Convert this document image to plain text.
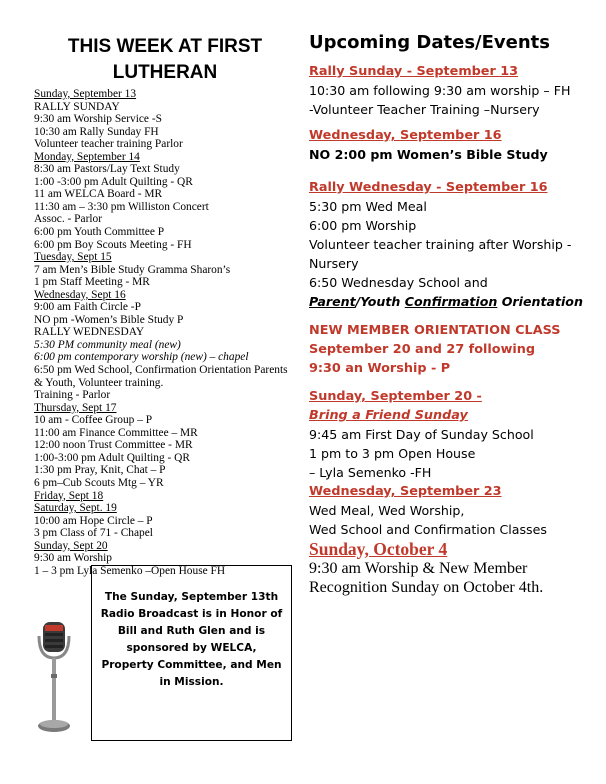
THIS WEEK AT FIRST
LUTHERAN
Sunday, September 13
RALLY SUNDAY
9:30 am Worship Service -S
10:30 am Rally Sunday FH
Volunteer teacher training Parlor
Monday, September 14
8:30 am Pastors/Lay Text Study
1:00 -3:00 pm Adult Quilting - QR
11 am WELCA Board - MR
11:30 am – 3:30 pm Williston Concert
Assoc. - Parlor
6:00 pm Youth Committee P
6:00 pm Boy Scouts Meeting - FH
Tuesday, Sept 15
7 am Men’s Bible Study Gramma Sharon’s
1 pm Staff Meeting - MR
Wednesday, Sept 16
9:00 am Faith Circle -P
NO pm -Women’s Bible Study P
RALLY WEDNESDAY
5:30 PM community meal (new)
6:00 pm contemporary worship (new) – chapel
6:50 pm Wed School, Confirmation Orientation Parents
& Youth, Volunteer training.
Training - Parlor
Thursday, Sept 17
10 am - Coffee Group – P
11:00 am Finance Committee – MR
12:00 noon Trust Committee - MR
1:00-3:00 pm Adult Quilting - QR
1:30 pm Pray, Knit, Chat – P
6 pm–Cub Scouts Mtg – YR
Friday, Sept 18
Saturday, Sept. 19
10:00 am Hope Circle – P
3 pm Class of 71 - Chapel
Sunday, Sept 20
9:30 am Worship
1 – 3 pm Lyla Semenko –Open House FH
Upcoming Dates/Events
Rally Sunday - September 13
10:30 am following 9:30 am worship – FH
-Volunteer Teacher Training –Nursery
Wednesday, September 16
NO 2:00 pm Women’s Bible Study
Rally Wednesday - September 16
5:30 pm Wed Meal
6:00 pm Worship
Volunteer teacher training after Worship -
Nursery
6:50 Wednesday School and
Parent/Youth Confirmation Orientation
NEW MEMBER ORIENTATION CLASS
September 20 and 27 following
9:30 an Worship - P
Sunday, September 20 -
Bring a Friend Sunday
9:45 am First Day of Sunday School
1 pm to 3 pm Open House
– Lyla Semenko -FH
Wednesday, September 23
Wed Meal, Wed Worship,
Wed School and Confirmation Classes
Sunday, October 4
9:30 am Worship & New Member
Recognition Sunday on October 4th.
The Sunday, September 13th
Radio Broadcast is in Honor of
Bill and Ruth Glen and is
sponsored by WELCA,
Property Committee, and Men
in Mission.
